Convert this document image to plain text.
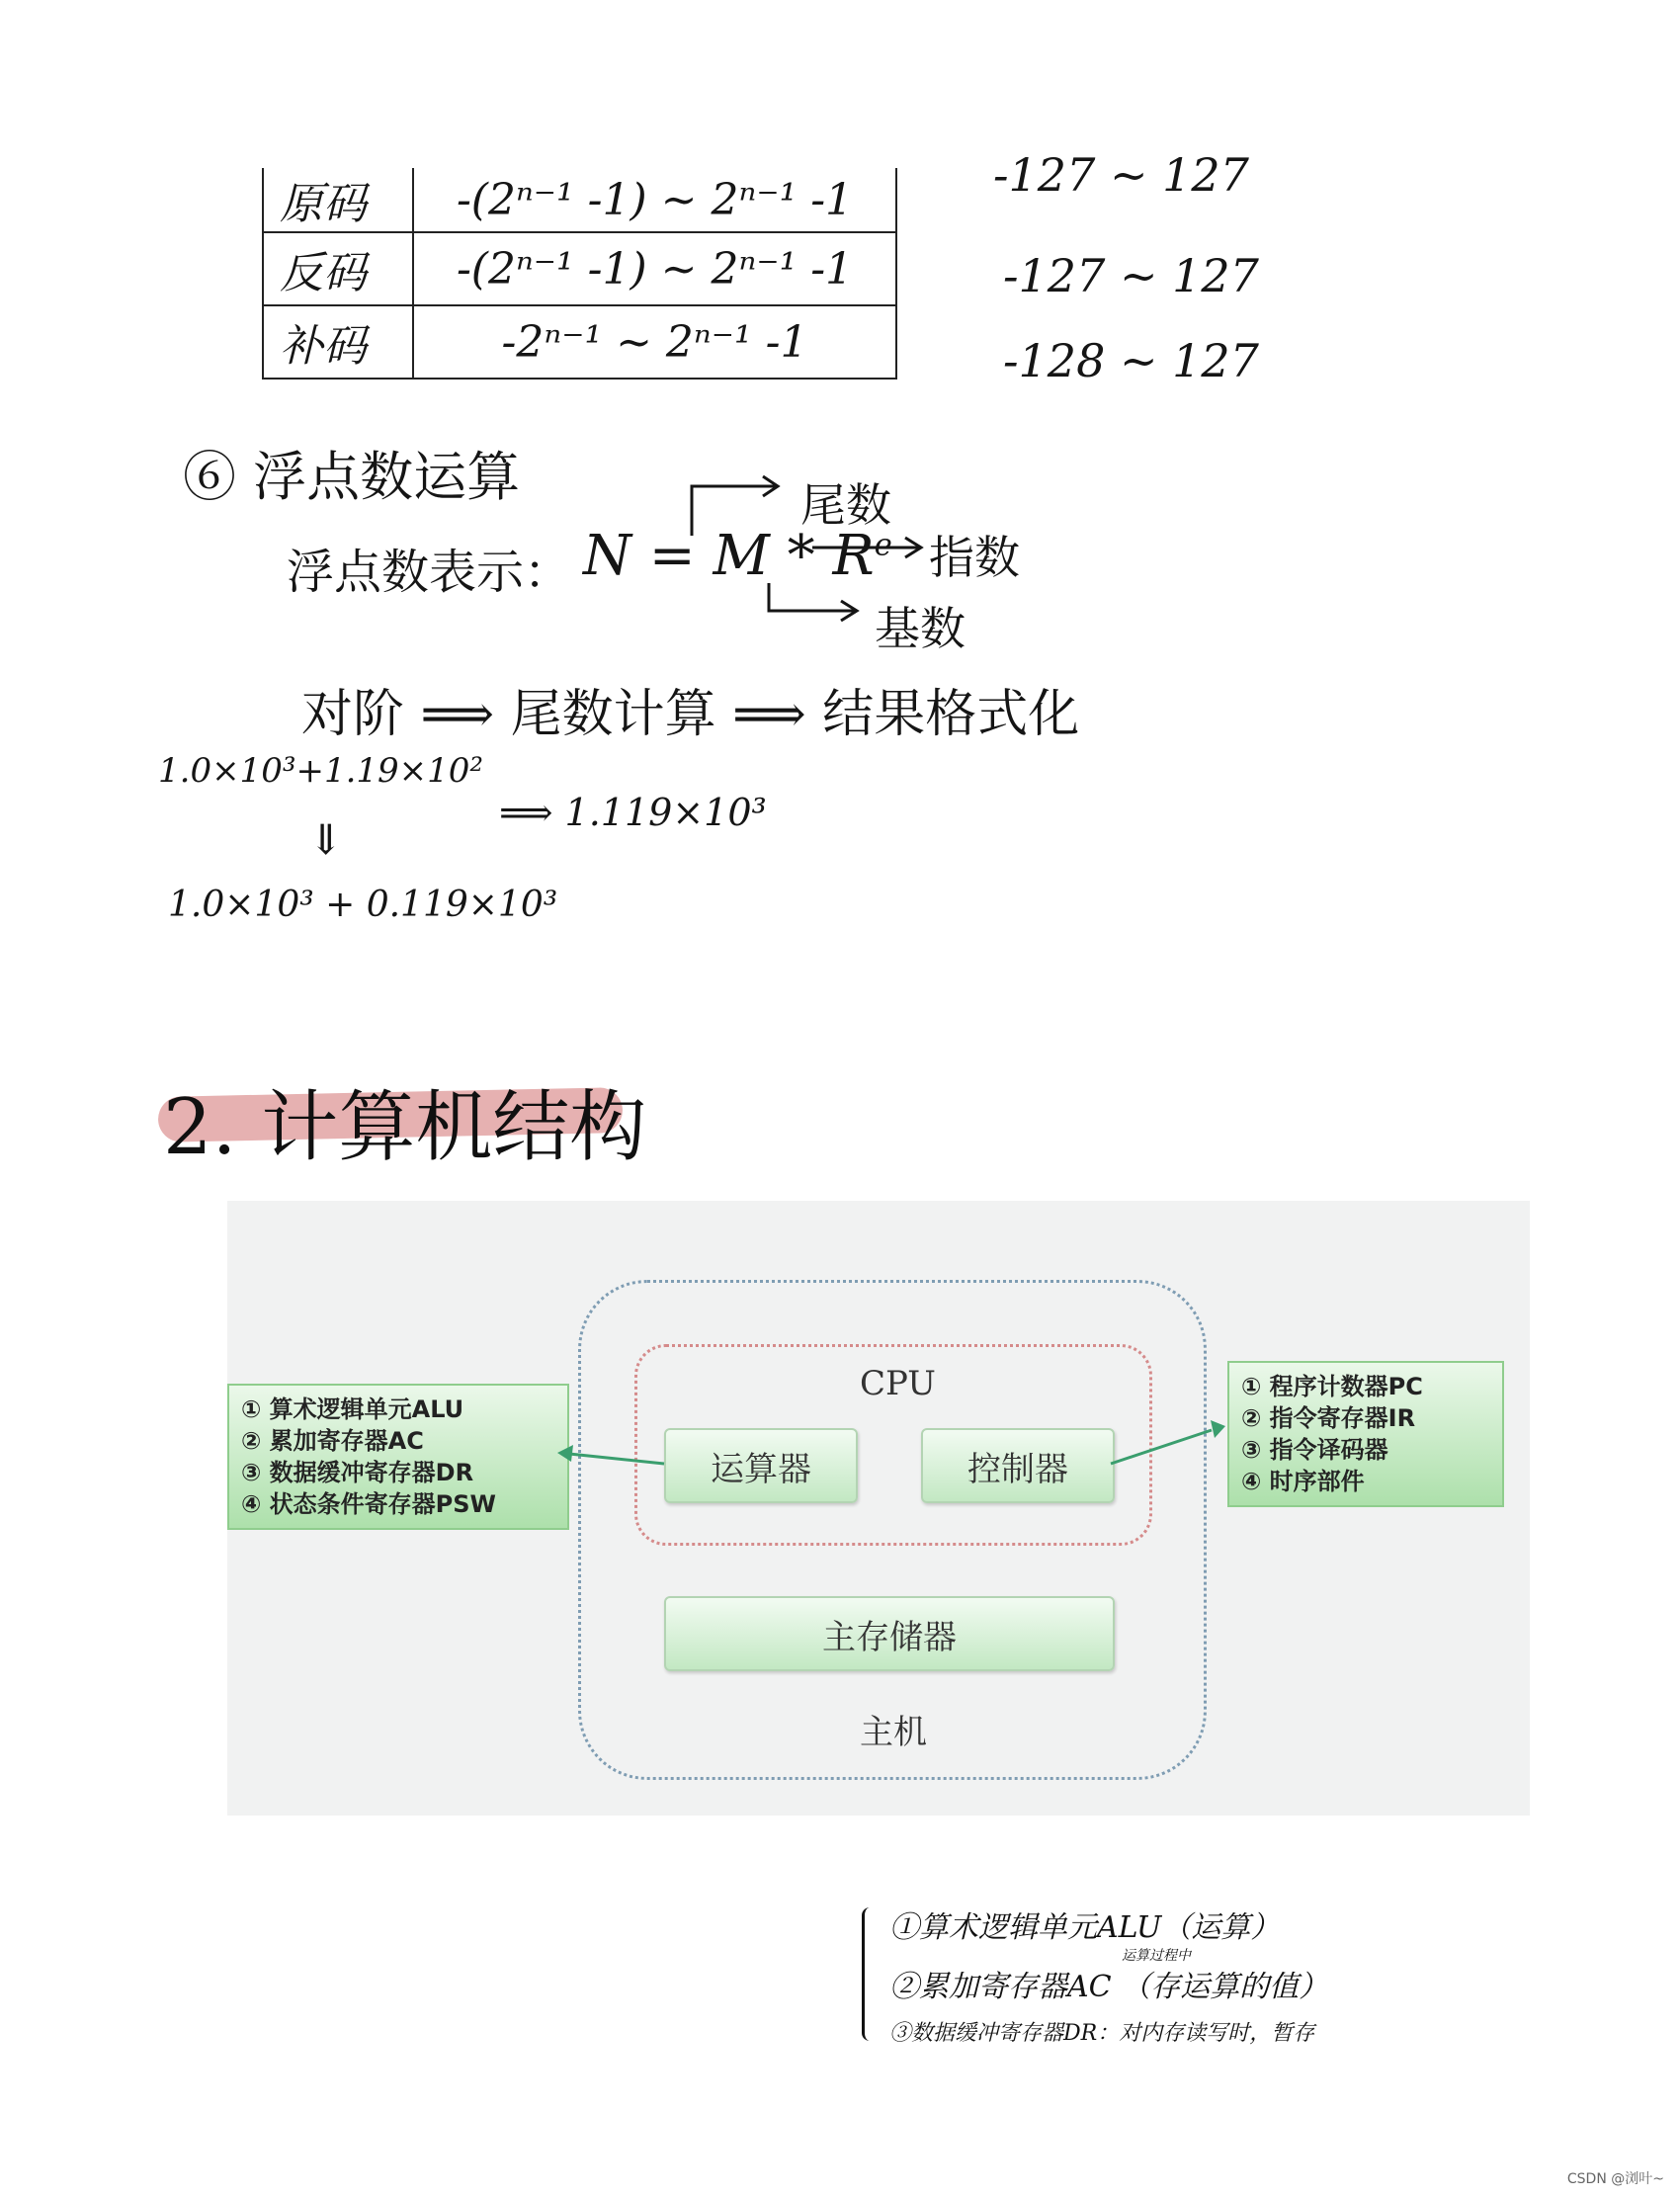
原码	-(2ⁿ⁻¹ -1) ~ 2ⁿ⁻¹ -1
反码	-(2ⁿ⁻¹ -1) ~ 2ⁿ⁻¹ -1
补码	-2ⁿ⁻¹ ~ 2ⁿ⁻¹ -1
-127 ~ 127
-127 ~ 127
-128 ~ 127
⑥ 浮点数运算
浮点数表示： $N = M * R^e$
尾数
指数
基数
对阶 ⟹ 尾数计算 ⟹ 结果格式化
1.0×10³+1.19×10²
⟹ 1.119×10³
⇓
1.0×10³ + 0.119×10³
2. 计算机结构
CPU
运算器	控制器
主存储器
主机
① 算术逻辑单元ALU
② 累加寄存器AC
③ 数据缓冲寄存器DR
④ 状态条件寄存器PSW
① 程序计数器PC
② 指令寄存器IR
③ 指令译码器
④ 时序部件
①算术逻辑单元ALU（运算）
运算过程中
②累加寄存器AC （存运算的值）
③数据缓冲寄存器DR：对内存读写时，暂存
CSDN @浏叶~
